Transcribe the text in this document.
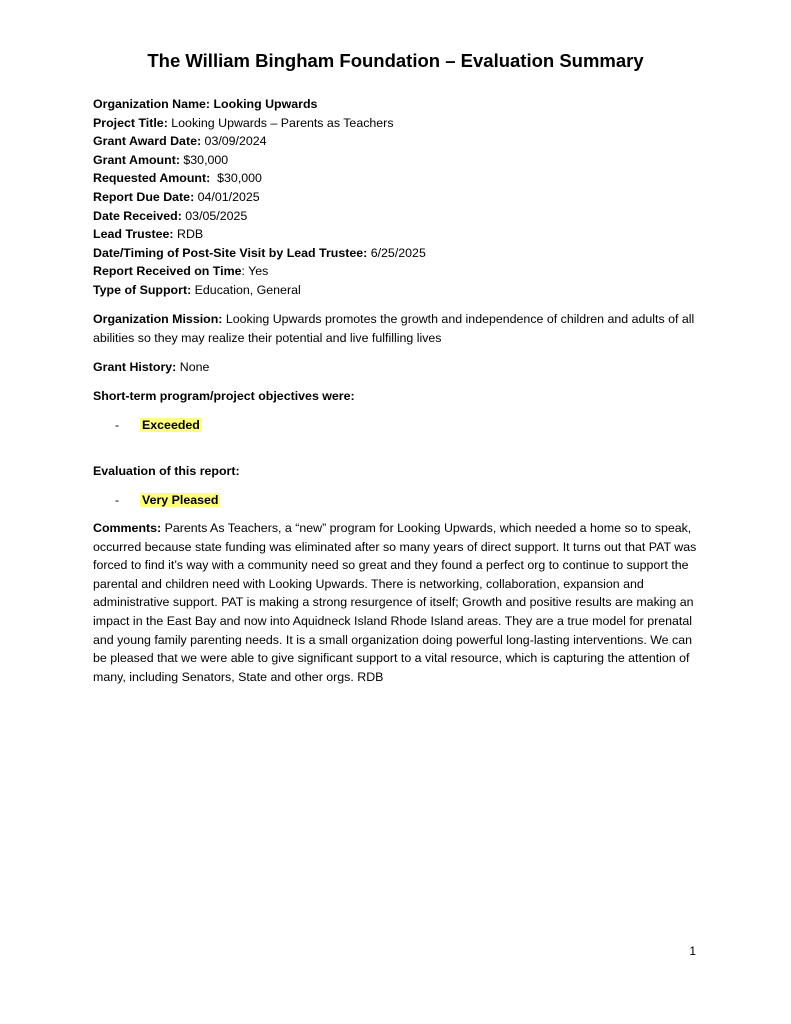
The William Bingham Foundation – Evaluation Summary
Organization Name: Looking Upwards
Project Title: Looking Upwards – Parents as Teachers
Grant Award Date: 03/09/2024
Grant Amount: $30,000
Requested Amount:  $30,000
Report Due Date: 04/01/2025
Date Received: 03/05/2025
Lead Trustee: RDB
Date/Timing of Post-Site Visit by Lead Trustee: 6/25/2025
Report Received on Time: Yes
Type of Support: Education, General
Organization Mission: Looking Upwards promotes the growth and independence of children and adults of all abilities so they may realize their potential and live fulfilling lives
Grant History: None
Short-term program/project objectives were:
- Exceeded
Evaluation of this report:
- Very Pleased
Comments: Parents As Teachers, a “new” program for Looking Upwards, which needed a home so to speak, occurred because state funding was eliminated after so many years of direct support. It turns out that PAT was forced to find it’s way with a community need so great and they found a perfect org to continue to support the parental and children need with Looking Upwards. There is networking, collaboration, expansion and administrative support. PAT is making a strong resurgence of itself; Growth and positive results are making an impact in the East Bay and now into Aquidneck Island Rhode Island areas. They are a true model for prenatal and young family parenting needs. It is a small organization doing powerful long-lasting interventions. We can be pleased that we were able to give significant support to a vital resource, which is capturing the attention of many, including Senators, State and other orgs. RDB
1
